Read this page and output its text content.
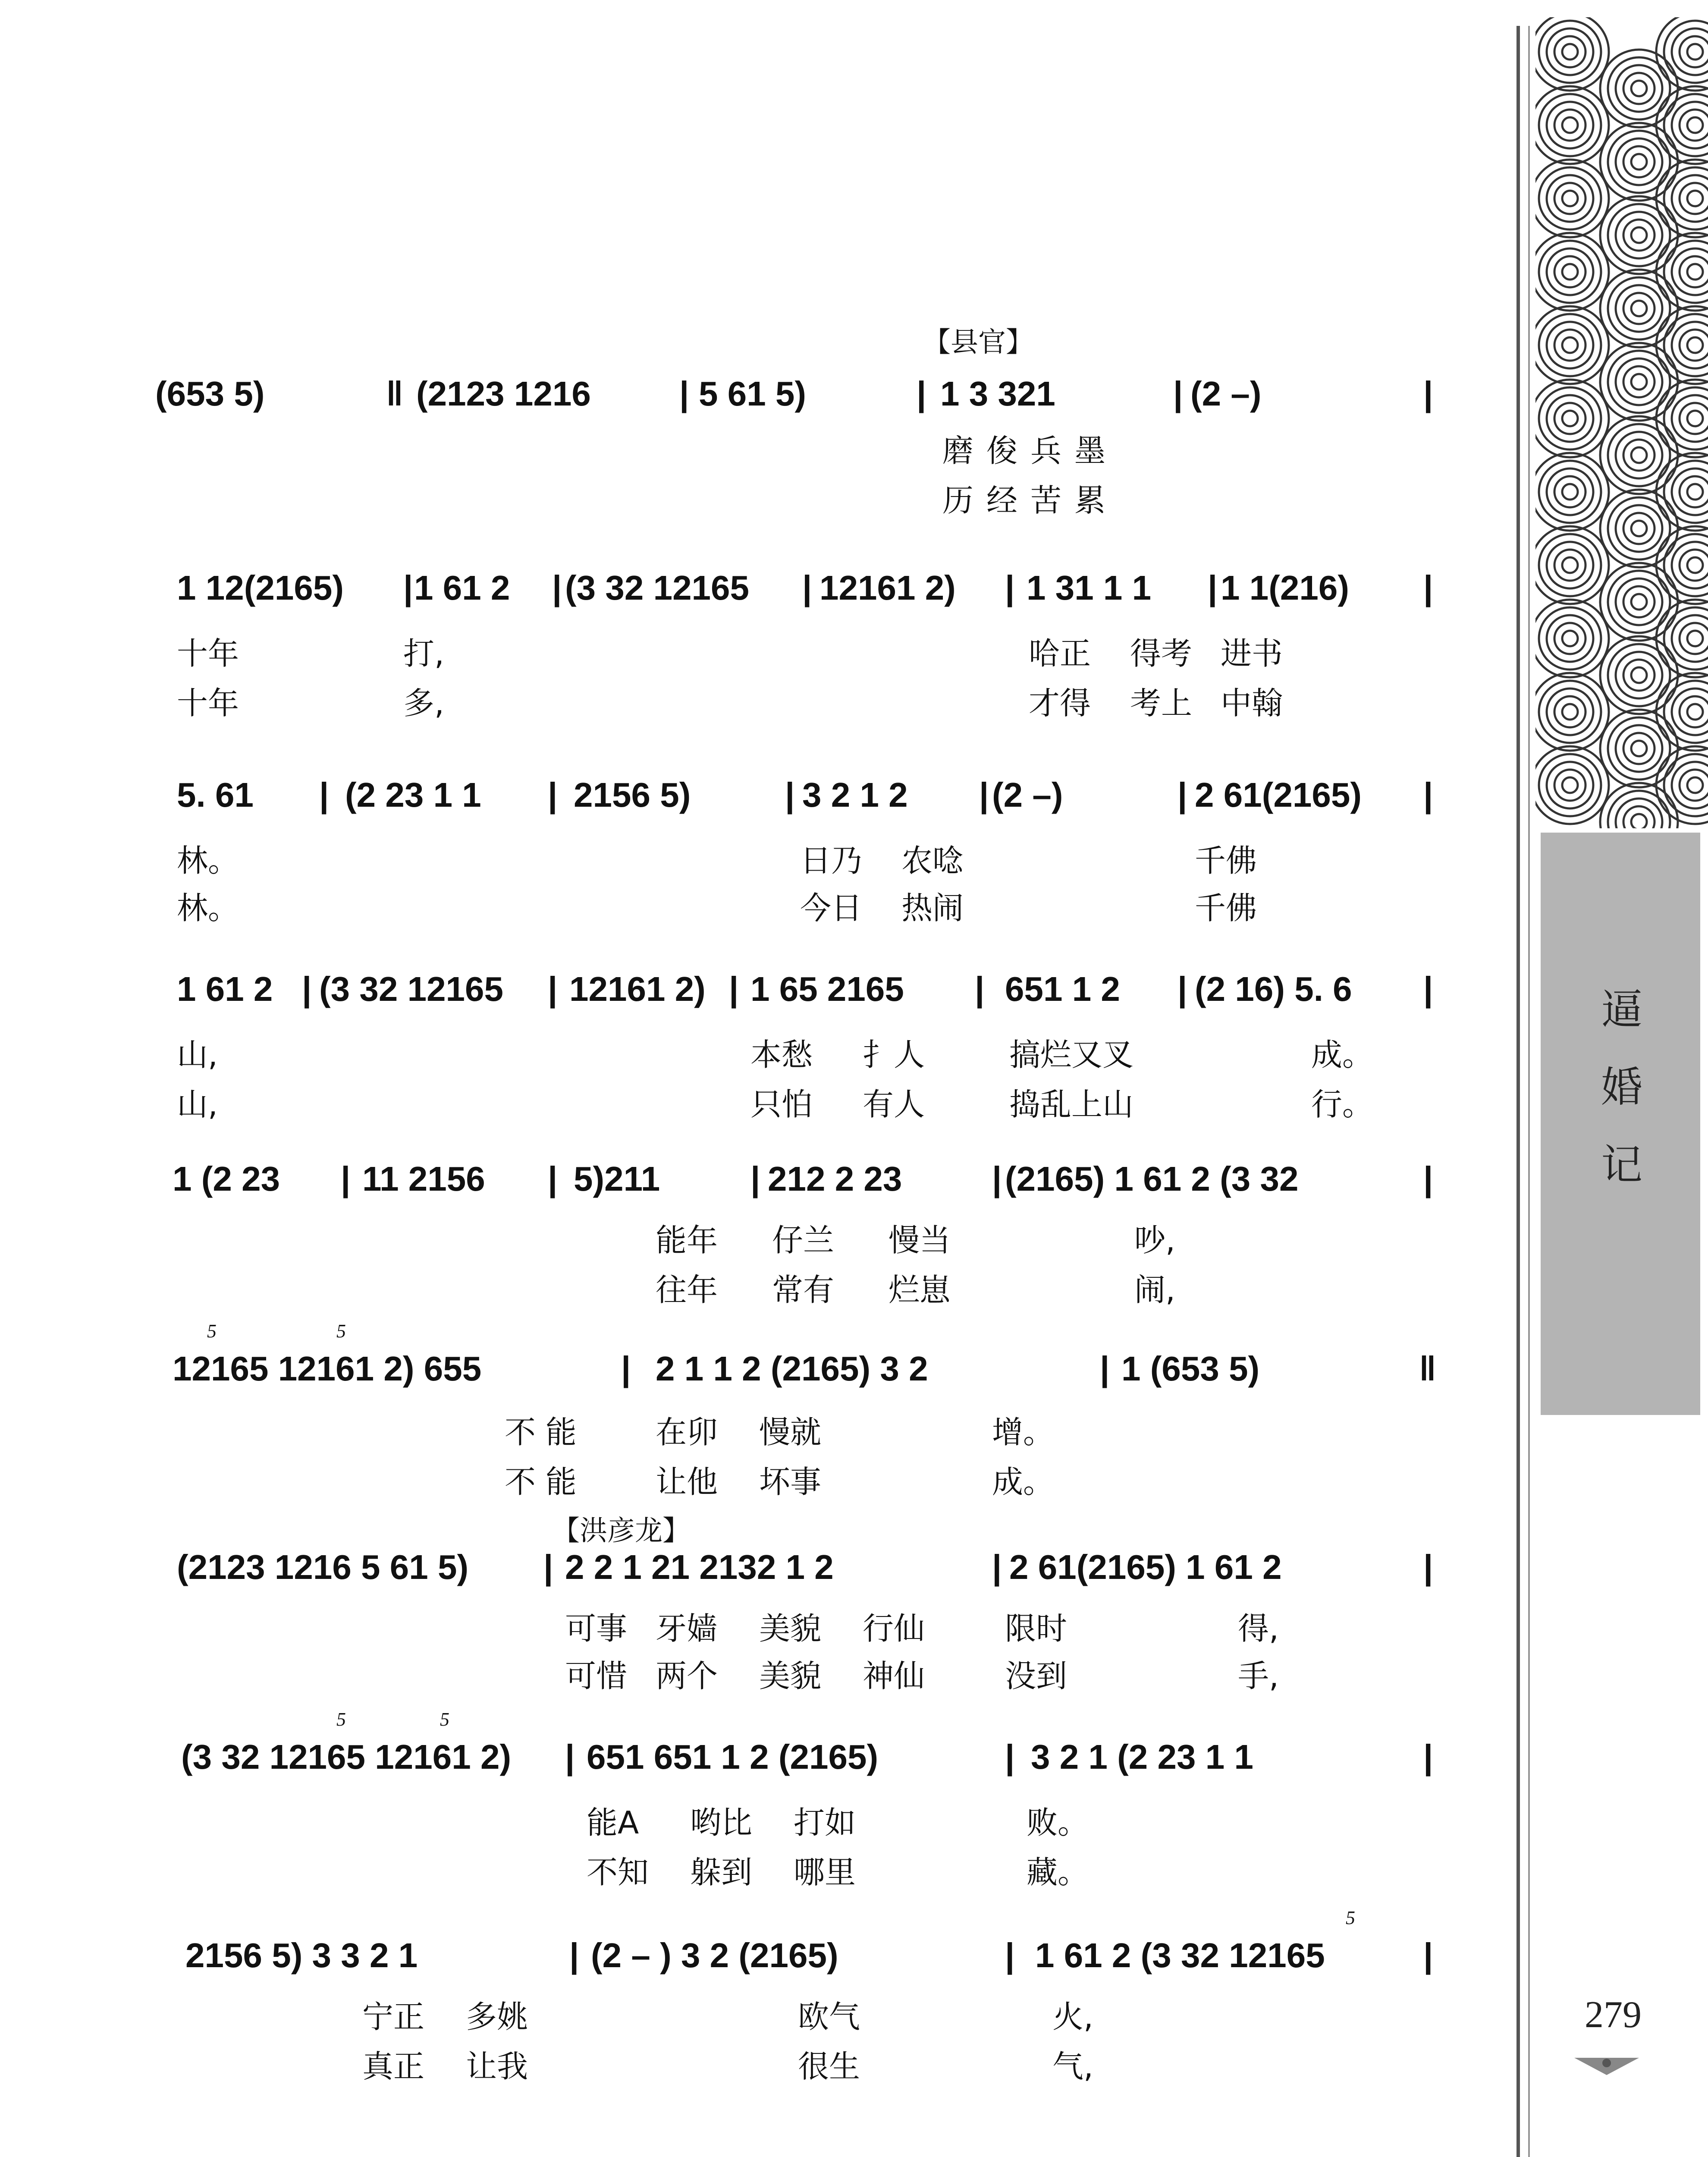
【县官】
(653 5)	‖ (2123 1216	| 5 61 5)	| 1 3 321	| (2 –)	|
磨俊兵墨
历经苦累
1 12(2165) | 1 61 2 | (3 32 12165 | 12161 2) | 1 31 1 1 | 1 1(216) |
十年	打,	哈正 得考 进书
十年	多,	才得 考上 中翰
5. 61 | (2 23 1 1 | 2156 5)	| 3 2 1 2 | (2 –)	| 2 61(2165) |
林。	日乃 农唸	千佛
林。	今日 热闹	千佛
1 61 2 | (3 32 12165 | 12161 2) | 1 65 2165 | 651 1 2 | (2 16) 5. 6 |
山,	本愁 扌人	搞烂又叉	成。
山,	只怕 有人	捣乱上山	行。
1 (2 23 | 11 2156 | 5)211	| 212 2 23	| (2165) 1 61 2 (3 32	|
能年 仔兰 慢当	吵,
往年 常有 烂崽	闹,
5	5
12165 12161 2) 655	| 2 1 1 2 (2165) 3 2	| 1 (653 5)	‖
不 能	在卯 慢就	增。
不 能	让他 坏事	成。
【洪彦龙】
(2123 1216 5 61 5) | 2 2 1 21 2132 1 2	| 2 61(2165) 1 61 2	|
可事 牙嫱 美貌 行仙	限时	得,
可惜 两个 美貌 神仙	没到	手,
5	5
(3 32 12165 12161 2) | 651 651 1 2 (2165)	| 3 2 1 (2 23 1 1	|
能A 哟比 打如	败。
不知 躲到 哪里	藏。
5
2156 5) 3 3 2 1	| (2 – ) 3 2 (2165)	| 1 61 2 (3 32 12165	|
宁正 多姚	欧气	火,
真正 让我	很生	气,
逼
婚
记
279
